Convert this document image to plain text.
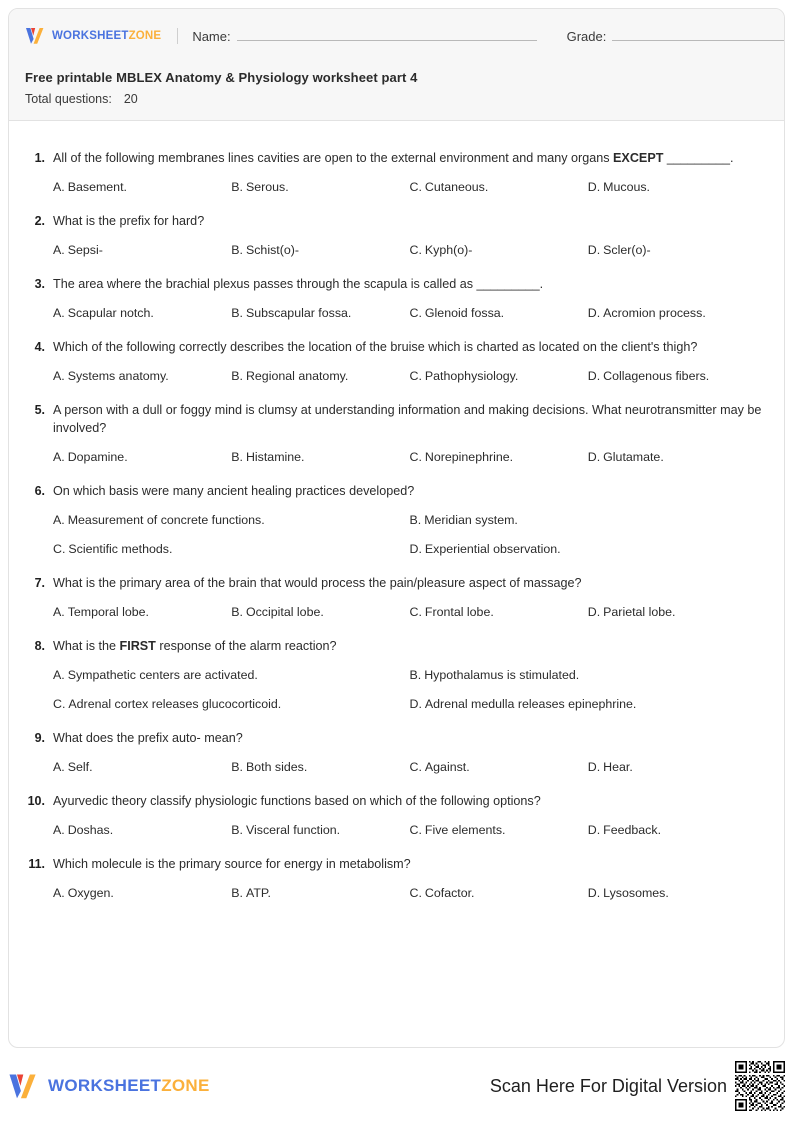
WORKSHEETZONE Name:	Grade:
Free printable MBLEX Anatomy & Physiology worksheet part 4
Total questions: 20
1. All of the following membranes lines cavities are open to the external environment and many organs EXCEPT _________.
A. Basement.	B. Serous.	C. Cutaneous.	D. Mucous.
2. What is the prefix for hard?
A. Sepsi-	B. Schist(o)-	C. Kyph(o)-	D. Scler(o)-
3. The area where the brachial plexus passes through the scapula is called as _________.
A. Scapular notch.	B. Subscapular fossa.	C. Glenoid fossa.	D. Acromion process.
4. Which of the following correctly describes the location of the bruise which is charted as located on the client's thigh?
A. Systems anatomy.	B. Regional anatomy.	C. Pathophysiology.	D. Collagenous fibers.
5. A person with a dull or foggy mind is clumsy at understanding information and making decisions. What neurotransmitter may be involved?
A. Dopamine.	B. Histamine.	C. Norepinephrine.	D. Glutamate.
6. On which basis were many ancient healing practices developed?
A. Measurement of concrete functions.	B. Meridian system.
C. Scientific methods.	D. Experiential observation.
7. What is the primary area of the brain that would process the pain/pleasure aspect of massage?
A. Temporal lobe.	B. Occipital lobe.	C. Frontal lobe.	D. Parietal lobe.
8. What is the FIRST response of the alarm reaction?
A. Sympathetic centers are activated.	B. Hypothalamus is stimulated.
C. Adrenal cortex releases glucocorticoid.	D. Adrenal medulla releases epinephrine.
9. What does the prefix auto- mean?
A. Self.	B. Both sides.	C. Against.	D. Hear.
10. Ayurvedic theory classify physiologic functions based on which of the following options?
A. Doshas.	B. Visceral function.	C. Five elements.	D. Feedback.
11. Which molecule is the primary source for energy in metabolism?
A. Oxygen.	B. ATP.	C. Cofactor.	D. Lysosomes.
WORKSHEETZONE	Scan Here For Digital Version
